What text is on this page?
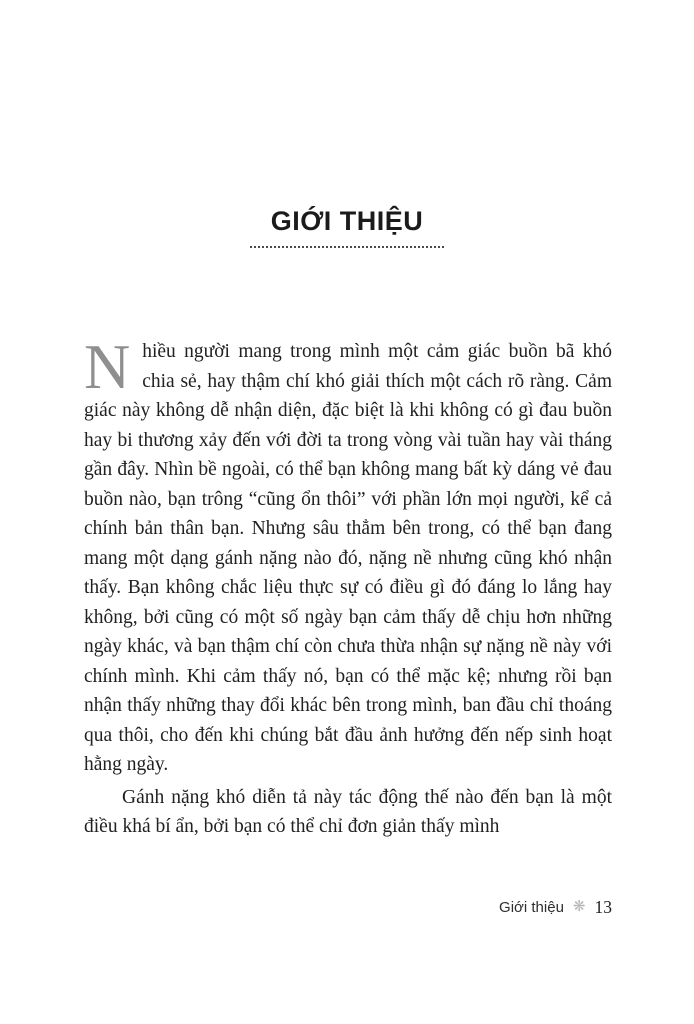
GIỚI THIỆU

Nhiều người mang trong mình một cảm giác buồn bã khó chia sẻ, hay thậm chí khó giải thích một cách rõ ràng. Cảm giác này không dễ nhận diện, đặc biệt là khi không có gì đau buồn hay bi thương xảy đến với đời ta trong vòng vài tuần hay vài tháng gần đây. Nhìn bề ngoài, có thể bạn không mang bất kỳ dáng vẻ đau buồn nào, bạn trông “cũng ổn thôi” với phần lớn mọi người, kể cả chính bản thân bạn. Nhưng sâu thẳm bên trong, có thể bạn đang mang một dạng gánh nặng nào đó, nặng nề nhưng cũng khó nhận thấy. Bạn không chắc liệu thực sự có điều gì đó đáng lo lắng hay không, bởi cũng có một số ngày bạn cảm thấy dễ chịu hơn những ngày khác, và bạn thậm chí còn chưa thừa nhận sự nặng nề này với chính mình. Khi cảm thấy nó, bạn có thể mặc kệ; nhưng rồi bạn nhận thấy những thay đổi khác bên trong mình, ban đầu chỉ thoáng qua thôi, cho đến khi chúng bắt đầu ảnh hưởng đến nếp sinh hoạt hằng ngày.

Gánh nặng khó diễn tả này tác động thế nào đến bạn là một điều khá bí ẩn, bởi bạn có thể chỉ đơn giản thấy mình

Giới thiệu ❋ 13
